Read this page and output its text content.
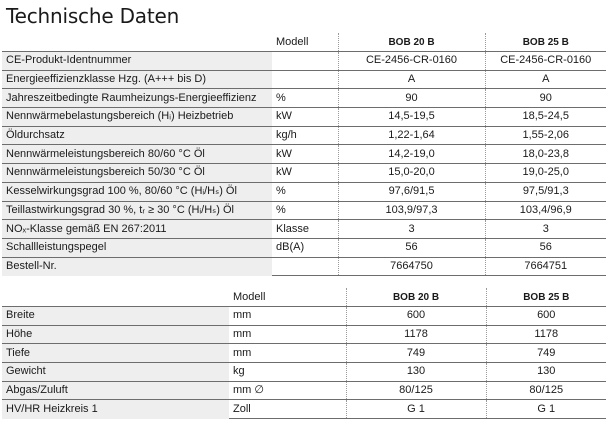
Technische Daten
	Modell	BOB 20 B	BOB 25 B
CE-Produkt-Identnummer		CE-2456-CR-0160	CE-2456-CR-0160
Energieeffizienzklasse Hzg. (A+++ bis D)		A	A
Jahreszeitbedingte Raumheizungs-Energieeffizienz	%	90	90
Nennwärmebelastungsbereich (Hᵢ) Heizbetrieb	kW	14,5-19,5	18,5-24,5
Öldurchsatz	kg/h	1,22-1,64	1,55-2,06
Nennwärmeleistungsbereich 80/60 °C Öl	kW	14,2-19,0	18,0-23,8
Nennwärmeleistungsbereich 50/30 °C Öl	kW	15,0-20,0	19,0-25,0
Kesselwirkungsgrad 100 %, 80/60 °C (Hᵢ/Hₛ) Öl	%	97,6/91,5	97,5/91,3
Teillastwirkungsgrad 30 %, tᵣ ≥ 30 °C (Hᵢ/Hₛ) Öl	%	103,9/97,3	103,4/96,9
NOₓ-Klasse gemäß EN 267:2011	Klasse	3	3
Schallleistungspegel	dB(A)	56	56
Bestell-Nr.		7664750	7664751
	Modell	BOB 20 B	BOB 25 B
Breite	mm	600	600
Höhe	mm	1178	1178
Tiefe	mm	749	749
Gewicht	kg	130	130
Abgas/Zuluft	mm ∅	80/125	80/125
HV/HR Heizkreis 1	Zoll	G 1	G 1
